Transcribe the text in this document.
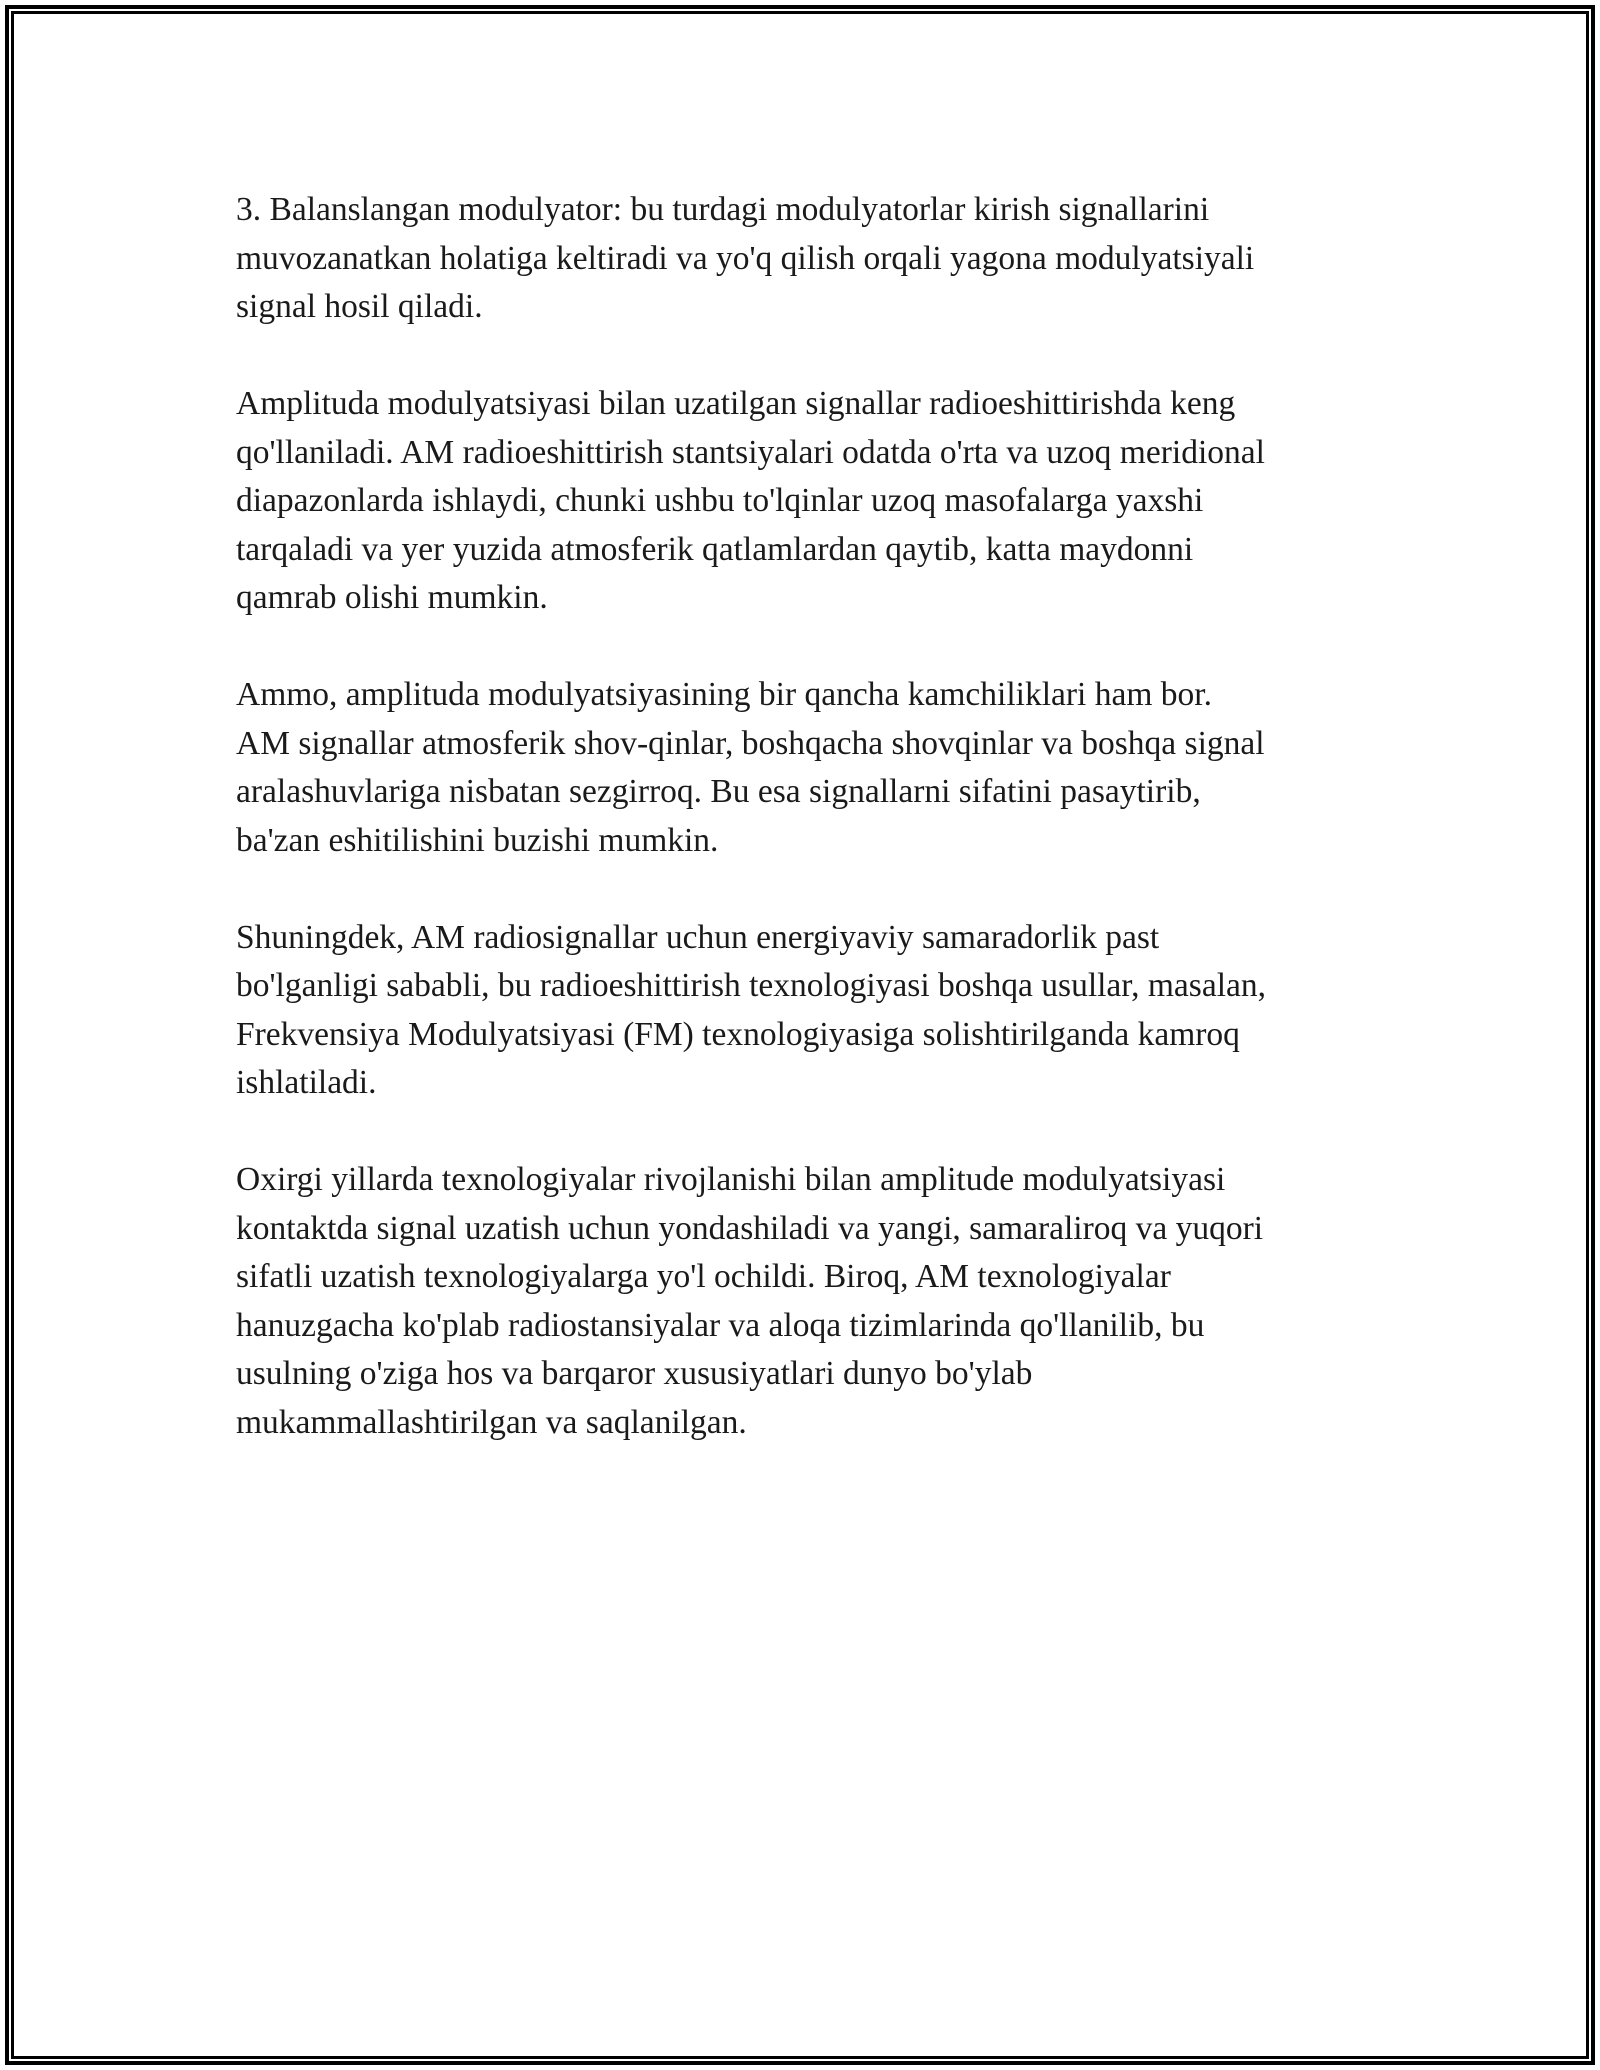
3. Balanslangan modulyator: bu turdagi modulyatorlar kirish signallarini
muvozanatkan holatiga keltiradi va yo'q qilish orqali yagona modulyatsiyali
signal hosil qiladi.

Amplituda modulyatsiyasi bilan uzatilgan signallar radioeshittirishda keng
qo'llaniladi. AM radioeshittirish stantsiyalari odatda o'rta va uzoq meridional
diapazonlarda ishlaydi, chunki ushbu to'lqinlar uzoq masofalarga yaxshi
tarqaladi va yer yuzida atmosferik qatlamlardan qaytib, katta maydonni
qamrab olishi mumkin.

Ammo, amplituda modulyatsiyasining bir qancha kamchiliklari ham bor.
AM signallar atmosferik shov-qinlar, boshqacha shovqinlar va boshqa signal
aralashuvlariga nisbatan sezgirroq. Bu esa signallarni sifatini pasaytirib,
ba'zan eshitilishini buzishi mumkin.

Shuningdek, AM radiosignallar uchun energiyaviy samaradorlik past
bo'lganligi sababli, bu radioeshittirish texnologiyasi boshqa usullar, masalan,
Frekvensiya Modulyatsiyasi (FM) texnologiyasiga solishtirilganda kamroq
ishlatiladi.

Oxirgi yillarda texnologiyalar rivojlanishi bilan amplitude modulyatsiyasi
kontaktda signal uzatish uchun yondashiladi va yangi, samaraliroq va yuqori
sifatli uzatish texnologiyalarga yo'l ochildi. Biroq, AM texnologiyalar
hanuzgacha ko'plab radiostansiyalar va aloqa tizimlarinda qo'llanilib, bu
usulning o'ziga hos va barqaror xususiyatlari dunyo bo'ylab
mukammallashtirilgan va saqlanilgan.
